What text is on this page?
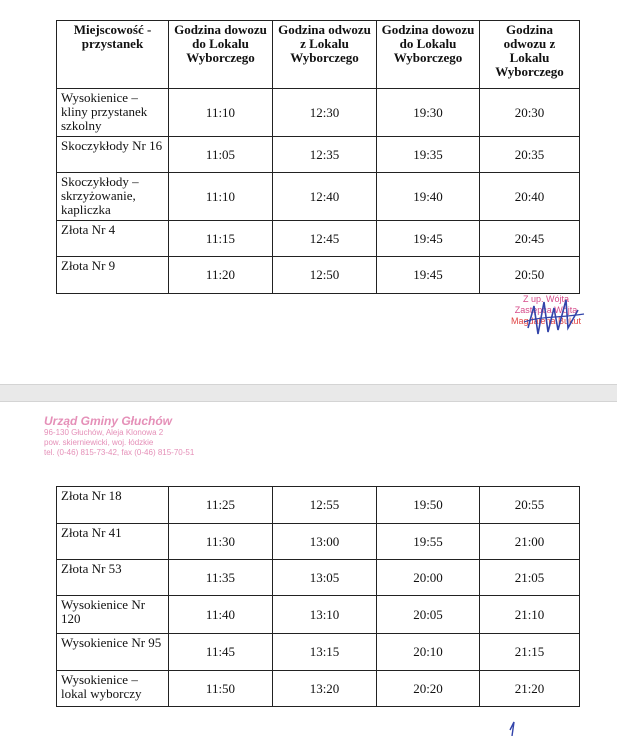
Miejscowość - przystanek	Godzina dowozu do Lokalu Wyborczego	Godzina odwozu z Lokalu Wyborczego	Godzina dowozu do Lokalu Wyborczego	Godzina odwozu z Lokalu Wyborczego
Wysokienice – kliny przystanek szkolny	11:10	12:30	19:30	20:30
Skoczykłody Nr 16	11:05	12:35	19:35	20:35
Skoczykłody – skrzyżowanie, kapliczka	11:10	12:40	19:40	20:40
Złota Nr 4	11:15	12:45	19:45	20:45
Złota Nr 9	11:20	12:50	19:45	20:50
Z up. Wójta
Zastępca Wójta
Magdalena Bukut
Urząd Gminy Głuchów
96-130 Głuchów, Aleja Klonowa 2
pow. skierniewicki, woj. łódzkie
tel. (0-46) 815-73-42, fax (0-46) 815-70-51
Złota Nr 18	11:25	12:55	19:50	20:55
Złota Nr 41	11:30	13:00	19:55	21:00
Złota Nr 53	11:35	13:05	20:00	21:05
Wysokienice Nr 120	11:40	13:10	20:05	21:10
Wysokienice Nr 95	11:45	13:15	20:10	21:15
Wysokienice – lokal wyborczy	11:50	13:20	20:20	21:20
